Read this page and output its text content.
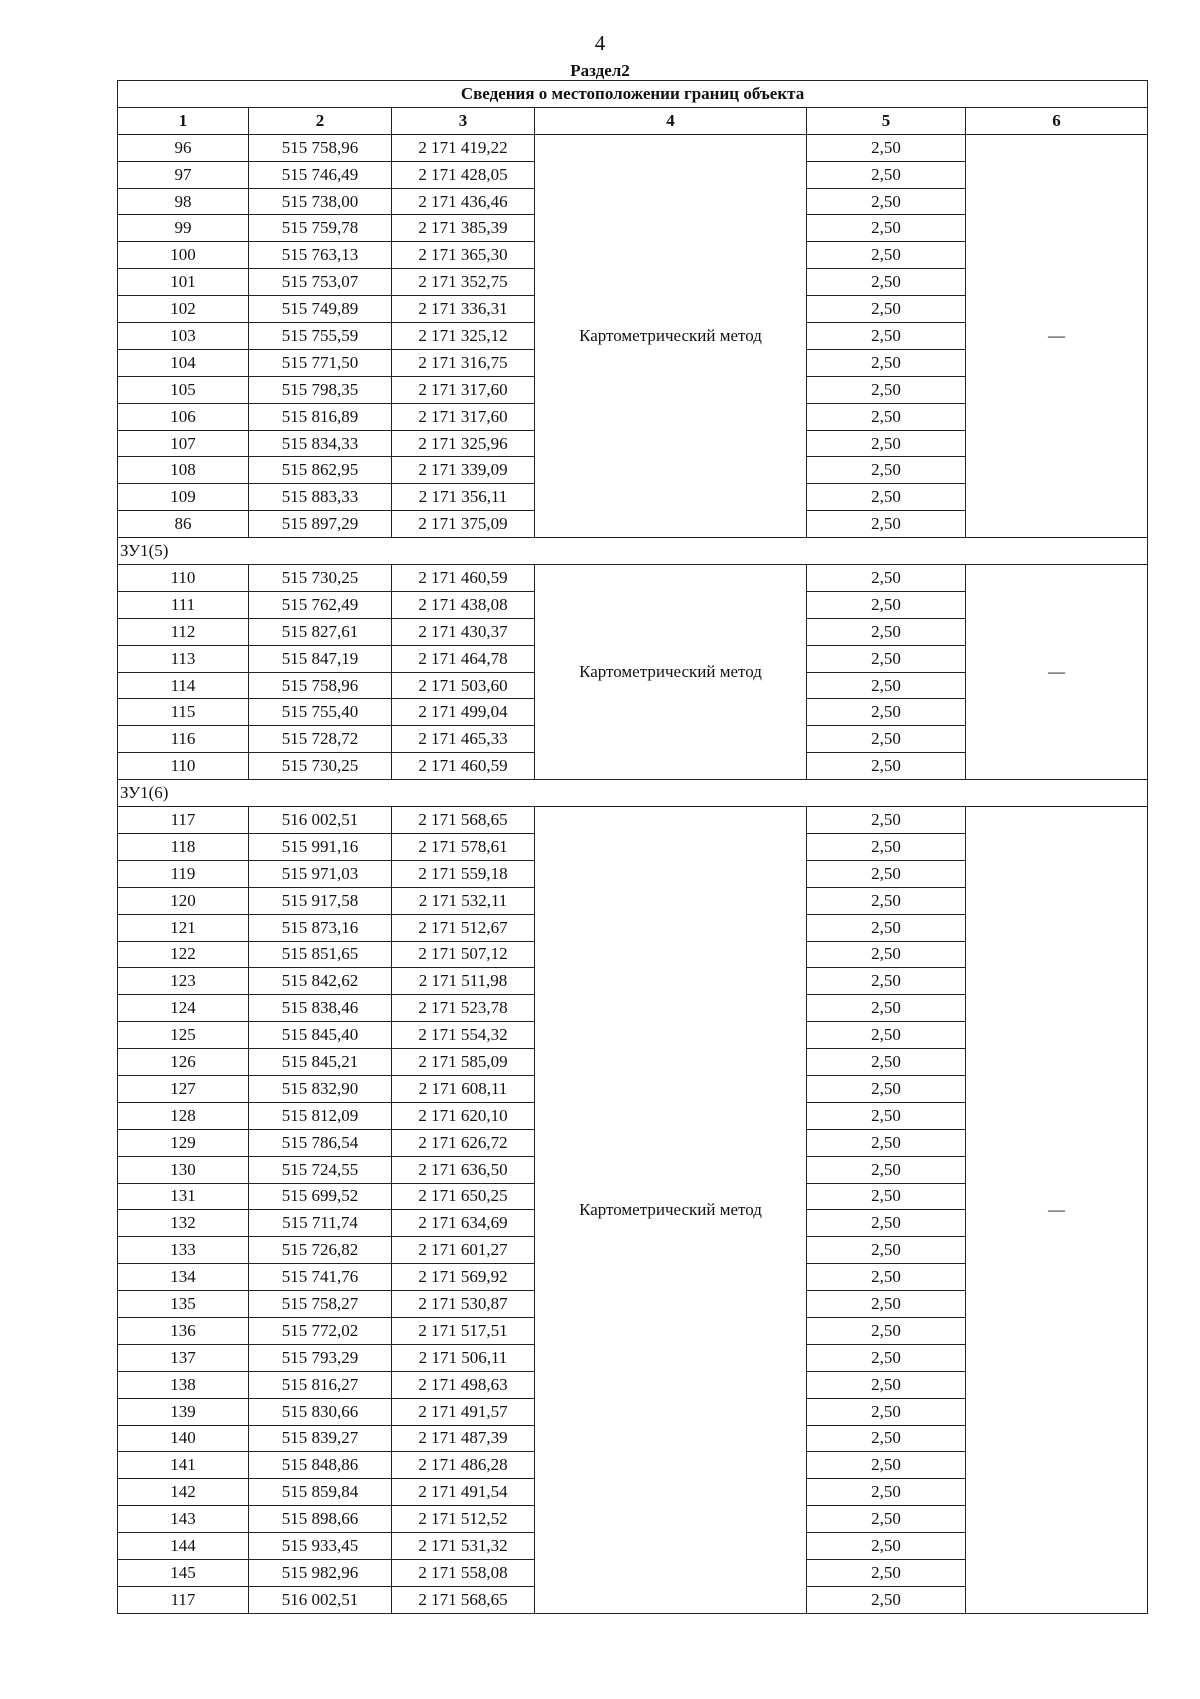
4
Раздел2
Сведения о местоположении границ объекта					
1	2	3	4	5	6
96	515 758,96	2 171 419,22	Картометрический метод	2,50	—
97	515 746,49	2 171 428,05		2,50	
98	515 738,00	2 171 436,46		2,50	
99	515 759,78	2 171 385,39		2,50	
100	515 763,13	2 171 365,30		2,50	
101	515 753,07	2 171 352,75		2,50	
102	515 749,89	2 171 336,31		2,50	
103	515 755,59	2 171 325,12		2,50	
104	515 771,50	2 171 316,75		2,50	
105	515 798,35	2 171 317,60		2,50	
106	515 816,89	2 171 317,60		2,50	
107	515 834,33	2 171 325,96		2,50	
108	515 862,95	2 171 339,09		2,50	
109	515 883,33	2 171 356,11		2,50	
86	515 897,29	2 171 375,09		2,50	
ЗУ1(5)					
110	515 730,25	2 171 460,59	Картометрический метод	2,50	—
111	515 762,49	2 171 438,08		2,50	
112	515 827,61	2 171 430,37		2,50	
113	515 847,19	2 171 464,78		2,50	
114	515 758,96	2 171 503,60		2,50	
115	515 755,40	2 171 499,04		2,50	
116	515 728,72	2 171 465,33		2,50	
110	515 730,25	2 171 460,59		2,50	
ЗУ1(6)					
117	516 002,51	2 171 568,65	Картометрический метод	2,50	—
118	515 991,16	2 171 578,61		2,50	
119	515 971,03	2 171 559,18		2,50	
120	515 917,58	2 171 532,11		2,50	
121	515 873,16	2 171 512,67		2,50	
122	515 851,65	2 171 507,12		2,50	
123	515 842,62	2 171 511,98		2,50	
124	515 838,46	2 171 523,78		2,50	
125	515 845,40	2 171 554,32		2,50	
126	515 845,21	2 171 585,09		2,50	
127	515 832,90	2 171 608,11		2,50	
128	515 812,09	2 171 620,10		2,50	
129	515 786,54	2 171 626,72		2,50	
130	515 724,55	2 171 636,50		2,50	
131	515 699,52	2 171 650,25		2,50	
132	515 711,74	2 171 634,69		2,50	
133	515 726,82	2 171 601,27		2,50	
134	515 741,76	2 171 569,92		2,50	
135	515 758,27	2 171 530,87		2,50	
136	515 772,02	2 171 517,51		2,50	
137	515 793,29	2 171 506,11		2,50	
138	515 816,27	2 171 498,63		2,50	
139	515 830,66	2 171 491,57		2,50	
140	515 839,27	2 171 487,39		2,50	
141	515 848,86	2 171 486,28		2,50	
142	515 859,84	2 171 491,54		2,50	
143	515 898,66	2 171 512,52		2,50	
144	515 933,45	2 171 531,32		2,50	
145	515 982,96	2 171 558,08		2,50	
117	516 002,51	2 171 568,65		2,50	
